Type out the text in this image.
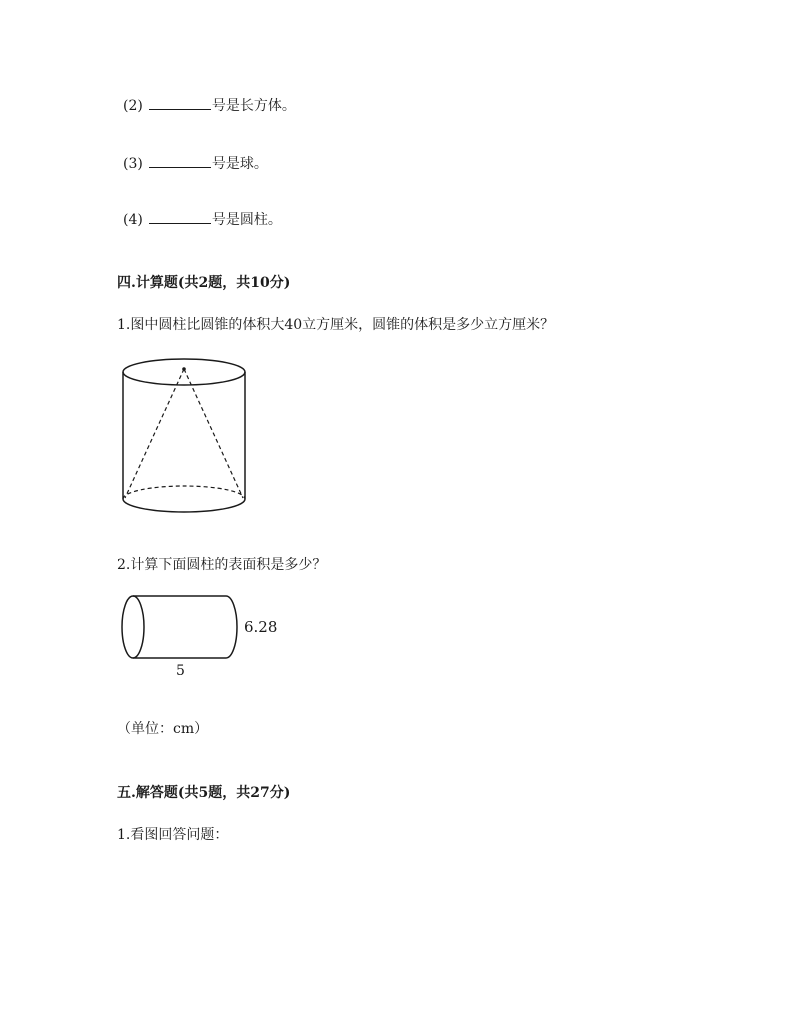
(2)	号是长方体。
(3)	号是球。
(4)	号是圆柱。
四.计算题(共2题，共10分)
1.图中圆柱比圆锥的体积大40立方厘米，圆锥的体积是多少立方厘米？
2.计算下面圆柱的表面积是多少？
6.28
5
（单位：cm）
五.解答题(共5题，共27分)
1.看图回答问题：
